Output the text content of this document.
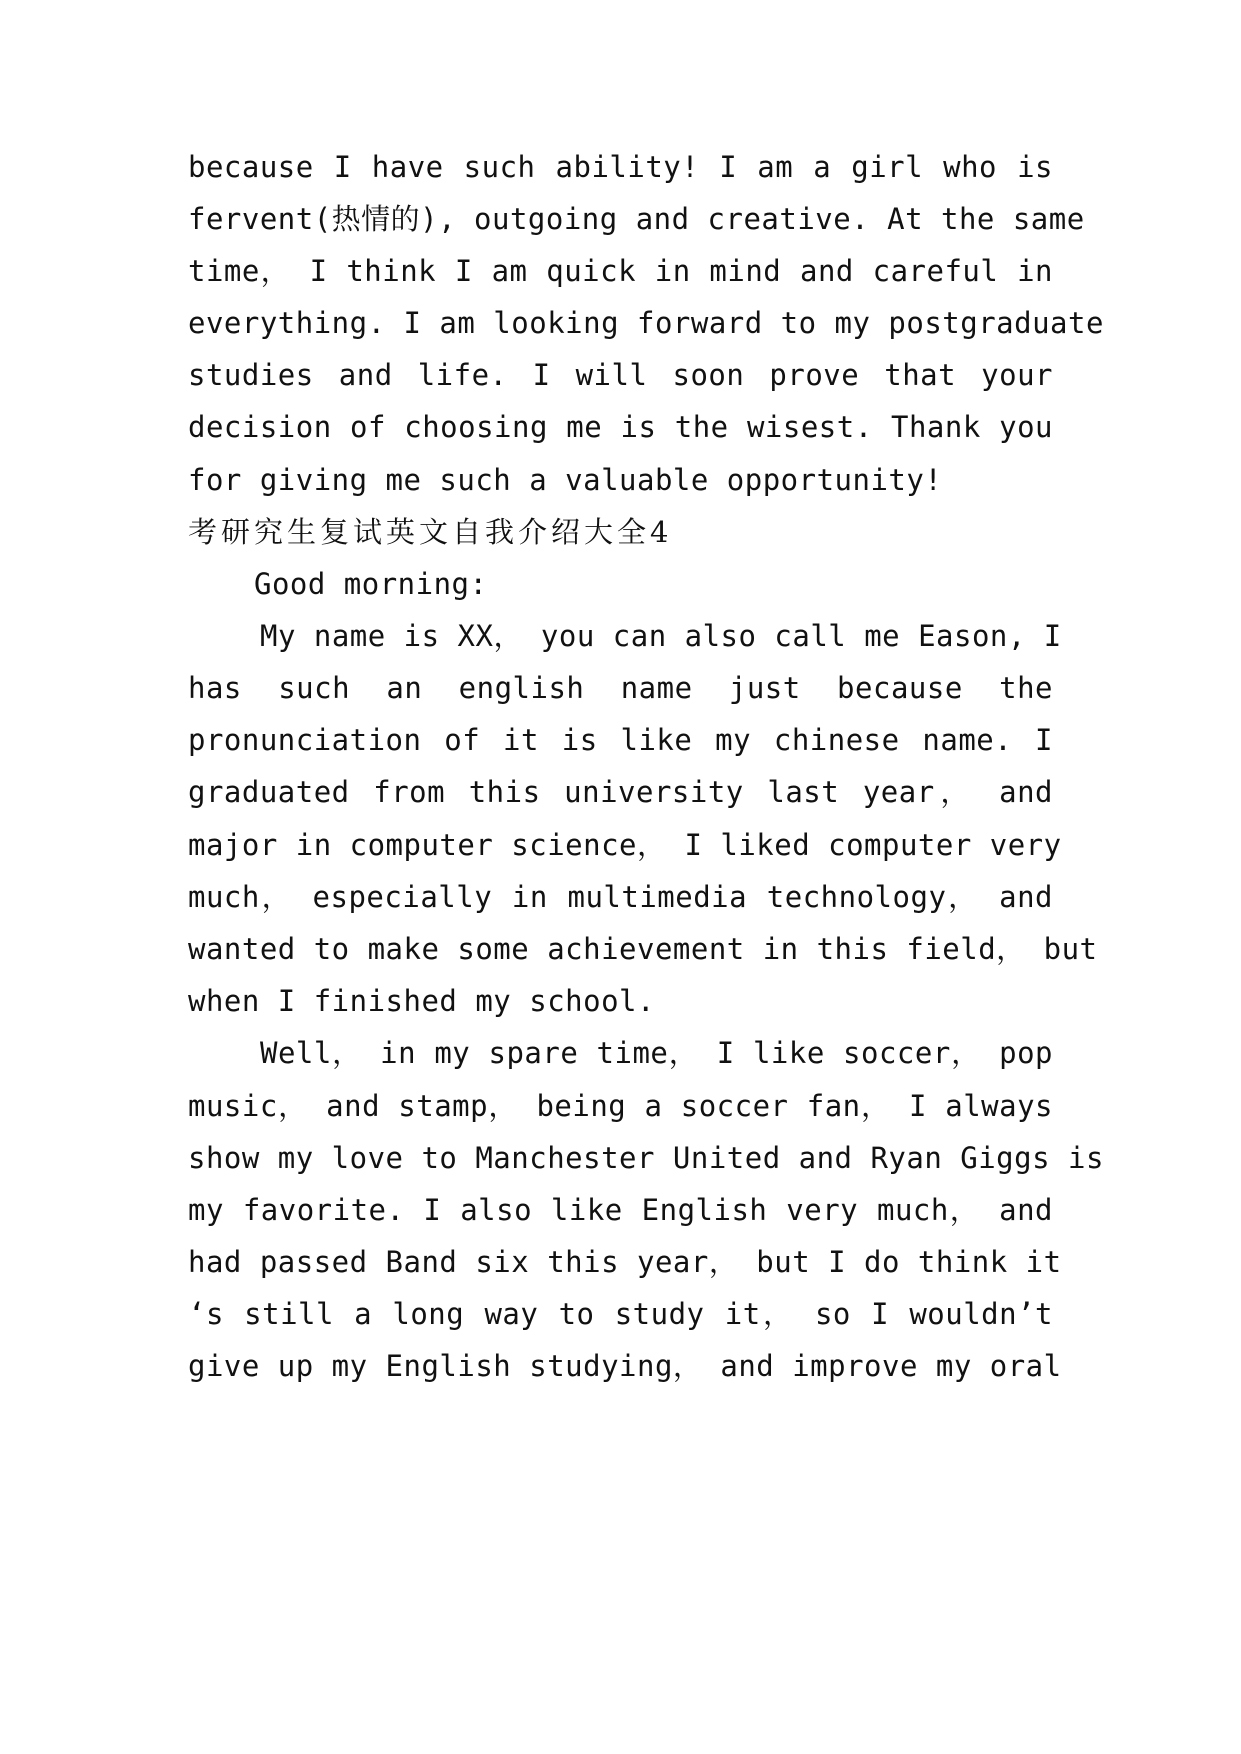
because I have such ability! I am a girl who is
fervent(热情的), outgoing and creative. At the same
time， I think I am quick in mind and careful in
everything. I am looking forward to my postgraduate
studies and life. I will soon prove that your
decision of choosing me is the wisest. Thank you
for giving me such a valuable opportunity!
考研究生复试英文自我介绍大全4
Good morning:
My name is XX， you can also call me Eason, I
has such an english name just because the
pronunciation of it is like my chinese name. I
graduated from this university last year， and
major in computer science， I liked computer very
much， especially in multimedia technology， and
wanted to make some achievement in this field， but
when I finished my school.
Well， in my spare time， I like soccer， pop
music， and stamp， being a soccer fan， I always
show my love to Manchester United and Ryan Giggs is
my favorite. I also like English very much， and
had passed Band six this year， but I do think it
‘s still a long way to study it， so I wouldn’t
give up my English studying， and improve my oral
